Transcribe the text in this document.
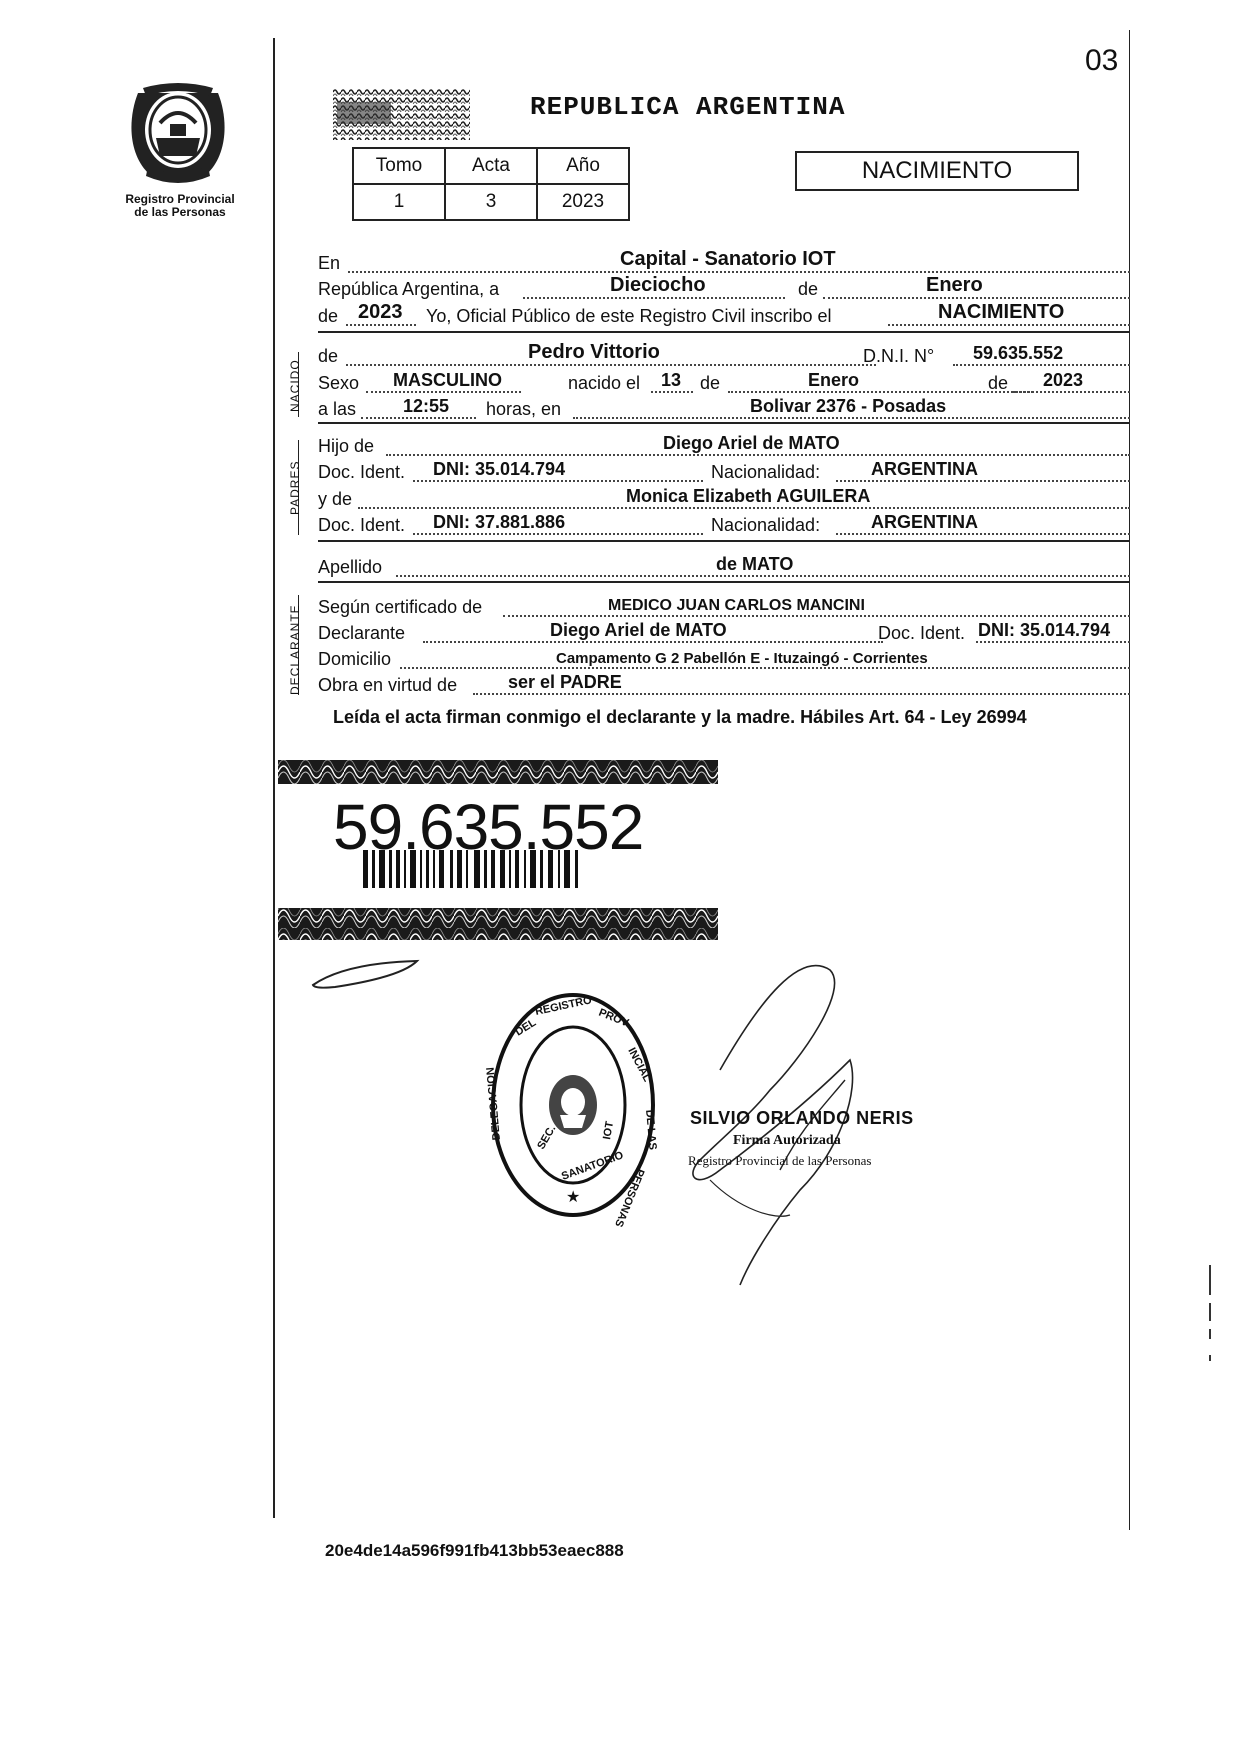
03
Registro Provincial
de las Personas
REPUBLICA ARGENTINA
Tomo	Acta	Año
1	3	2023
NACIMIENTO
En	Capital - Sanatorio IOT
República Argentina, a	Dieciocho	de	Enero
de 2023 Yo, Oficial Público de este Registro Civil inscribo el	NACIMIENTO
NACIDO
de	Pedro Vittorio	D.N.I. N° 59.635.552
Sexo MASCULINO	nacido el 13 de	Enero	de 2023
a las	12:55 horas, en	Bolivar 2376 - Posadas
PADRES
Hijo de	Diego Ariel de MATO
Doc. Ident. DNI: 35.014.794	Nacionalidad:	ARGENTINA
y de	Monica Elizabeth AGUILERA
Doc. Ident. DNI: 37.881.886	Nacionalidad:	ARGENTINA
Apellido	de MATO
DECLARANTE Según certificado de	MEDICO JUAN CARLOS MANCINI
Declarante	Diego Ariel de MATO	Doc. Ident. DNI: 35.014.794
Domicilio	Campamento G 2 Pabellón E - Ituzaingó - Corrientes
Obra en virtud de	ser el PADRE
Leída el acta firman conmigo el declarante y la madre. Hábiles Art. 64 - Ley 26994
59.635.552
DEL
REGISTRO
PROV
INCIAL
DE LAS
PERSONAS
DELEGACION	SEC.
SANATORIO
IOT
★
SILVIO ORLANDO NERIS
Firma Autorizada
Registro Provincial de las Personas
20e4de14a596f991fb413bb53eaec888
